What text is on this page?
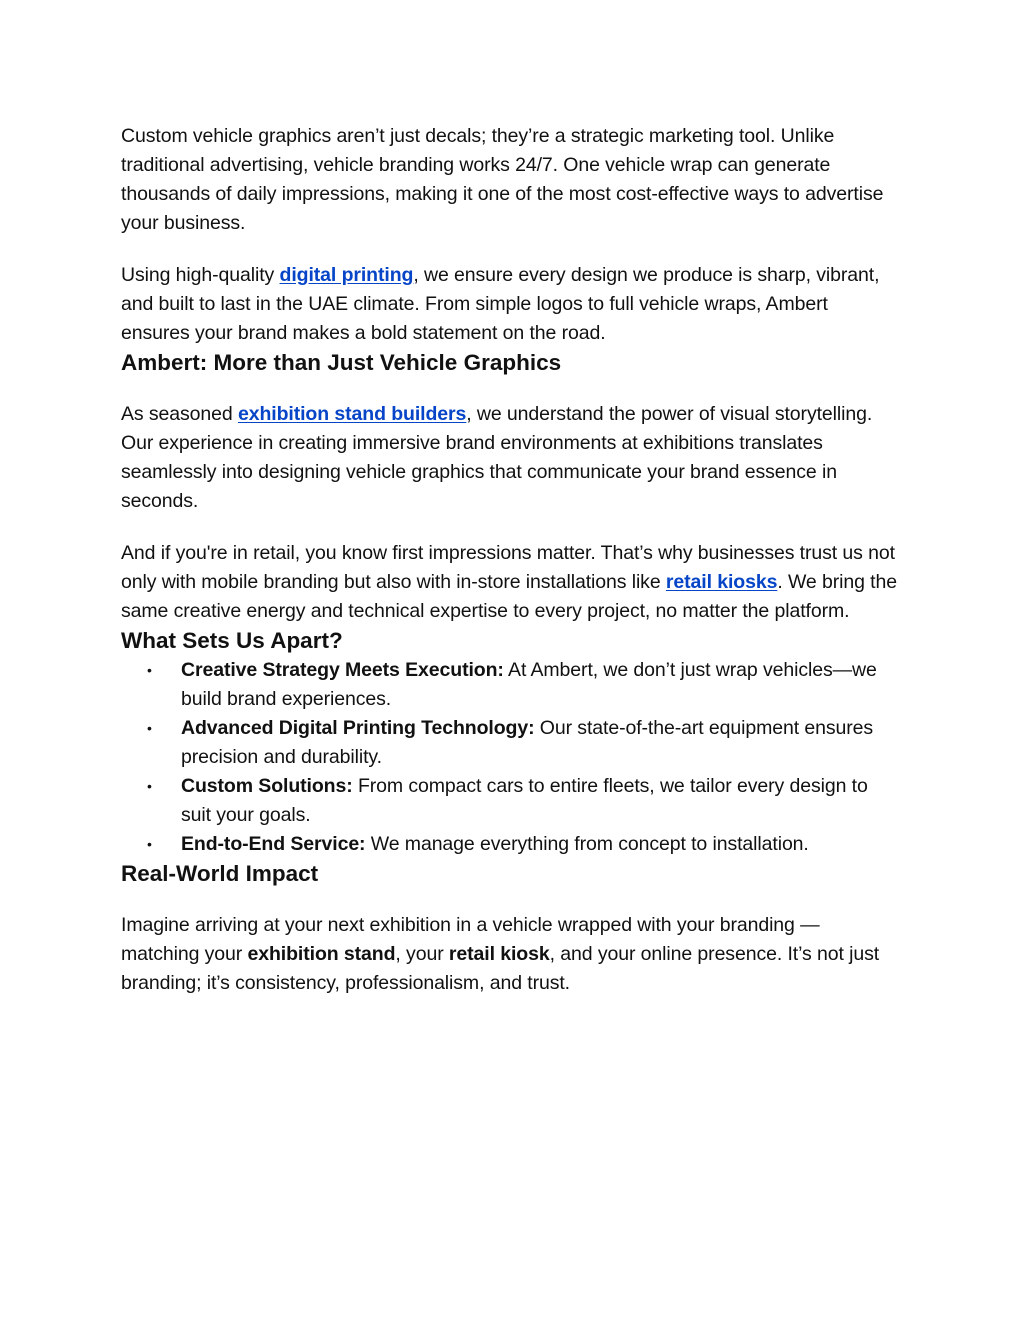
Custom vehicle graphics aren’t just decals; they’re a strategic marketing tool. Unlike traditional advertising, vehicle branding works 24/7. One vehicle wrap can generate thousands of daily impressions, making it one of the most cost-effective ways to advertise your business.

Using high-quality digital printing, we ensure every design we produce is sharp, vibrant, and built to last in the UAE climate. From simple logos to full vehicle wraps, Ambert ensures your brand makes a bold statement on the road.

Ambert: More than Just Vehicle Graphics

As seasoned exhibition stand builders, we understand the power of visual storytelling. Our experience in creating immersive brand environments at exhibitions translates seamlessly into designing vehicle graphics that communicate your brand essence in seconds.

And if you're in retail, you know first impressions matter. That’s why businesses trust us not only with mobile branding but also with in-store installations like retail kiosks. We bring the same creative energy and technical expertise to every project, no matter the platform.

What Sets Us Apart?
• Creative Strategy Meets Execution: At Ambert, we don’t just wrap vehicles—we build brand experiences.
• Advanced Digital Printing Technology: Our state-of-the-art equipment ensures precision and durability.
• Custom Solutions: From compact cars to entire fleets, we tailor every design to suit your goals.
• End-to-End Service: We manage everything from concept to installation.
Real-World Impact

Imagine arriving at your next exhibition in a vehicle wrapped with your branding — matching your exhibition stand, your retail kiosk, and your online presence. It’s not just branding; it’s consistency, professionalism, and trust.
